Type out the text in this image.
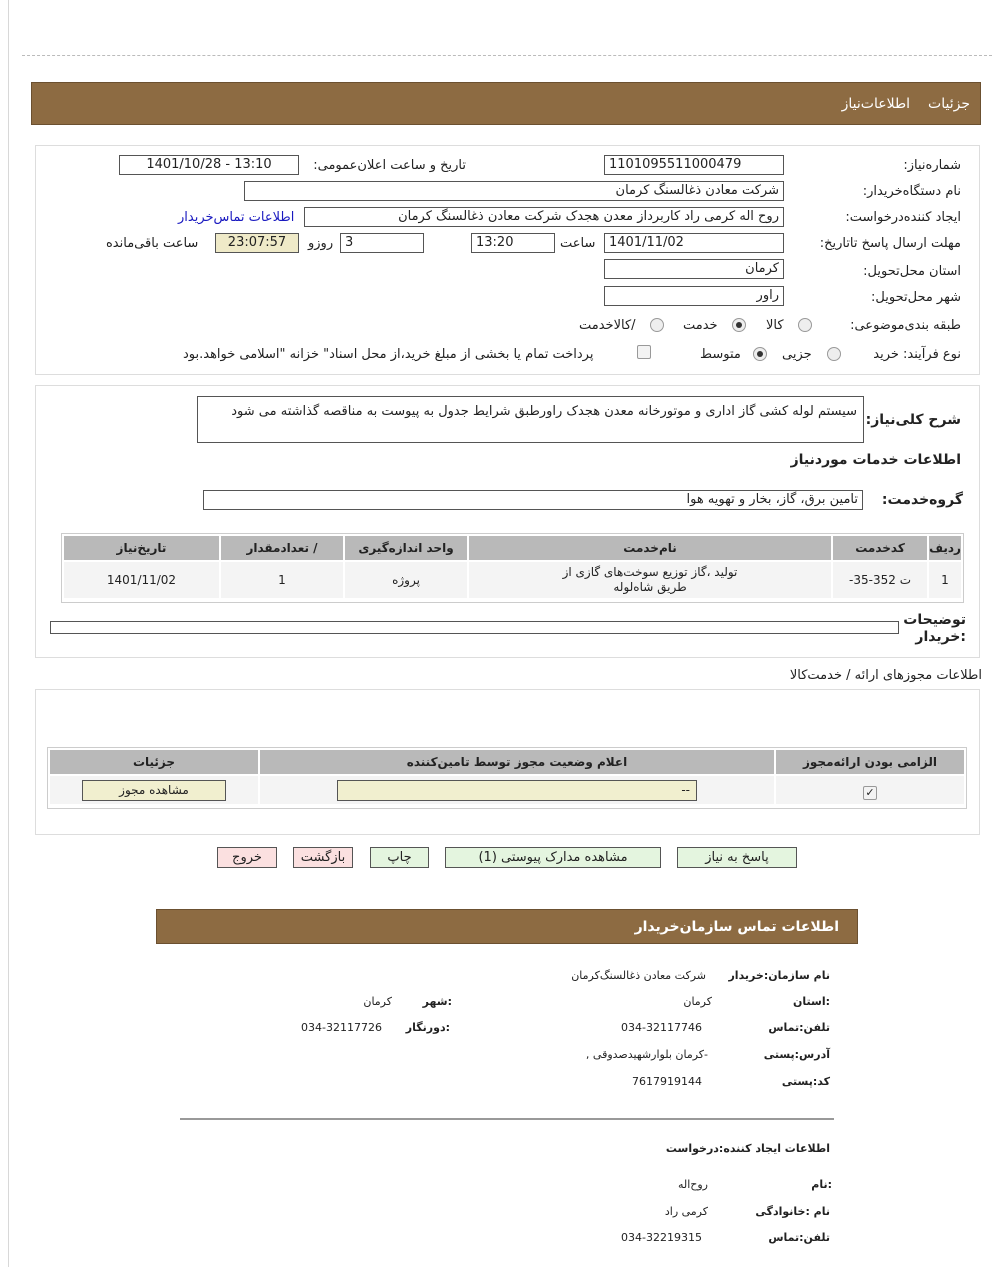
جزئیات
اطلاعات‌نیاز
شماره‌نیاز:
1101095511000479
تاریخ و ساعت اعلان‌عمومی:
1401/10/28 - 13:10
نام دستگاه‌خریدار:
شرکت معادن ذغالسنگ کرمان
ایجاد کننده‌درخواست:
روح اله کرمی راد کاربرداز معدن هجدک شرکت معادن ذغالسنگ کرمان
اطلاعات تماس‌خریدار
مهلت ارسال پاسخ تا‌تاریخ:
1401/11/02
ساعت
13:20
3
روزو
23:07:57
ساعت باقی‌مانده
استان محل‌تحویل:
کرمان
شهر محل‌تحویل:
راور
طبقه بندی‌موضوعی:
کالا
خدمت
/کالاخدمت
نوع فرآیند: خرید
جزیی
متوسط
پرداخت تمام یا بخشی از مبلغ خرید،از محل اسناد" خزانه "اسلامی خواهد.بود
شرح کلی‌نیاز:
سیستم لوله کشی گاز اداری و موتورخانه معدن هجدک راورطبق شرایط جدول به پیوست به مناقصه گذاشته می شود
اطلاعات خدمات موردنیاز
گروه‌خدمت:
تامین برق، گاز، بخار و تهویه هوا
ردیف	کدخدمت	نام‌خدمت	واحد اندازه‌گیری	/ تعدادمقدار	تاریخ‌نیاز
1	ت 352-35-	تولید ،گاز توزیع سوخت‌های گازی از طریق شاه‌لوله	پروژه	1	1401/11/02
توضیحات :خریدار
اطلاعات مجوزهای ارائه / خدمت‌کالا
الزامی بودن ارائه‌مجوز	اعلام وضعیت مجوز توسط تامین‌کننده	جزئیات
✓	--	مشاهده مجوز
پاسخ به نیاز
مشاهده مدارک پیوستی (1)
چاپ
بازگشت
خروج
اطلاعات تماس سازمان‌خریدار
نام سازمان:خریدار
شرکت معادن ذغالسنگ‌کرمان
:استان
کرمان
:شهر
کرمان
تلفن:تماس
034-32117746
:دورنگار
034-32117726
آدرس:پستی
-کرمان بلوار‌شهید‌صدوقی ,
کد:پستی
7617919144
اطلاعات ایجاد کننده:درخواست
:نام
روح‌اله
نام :خانوادگی
کرمی راد
تلفن:تماس
034-32219315
